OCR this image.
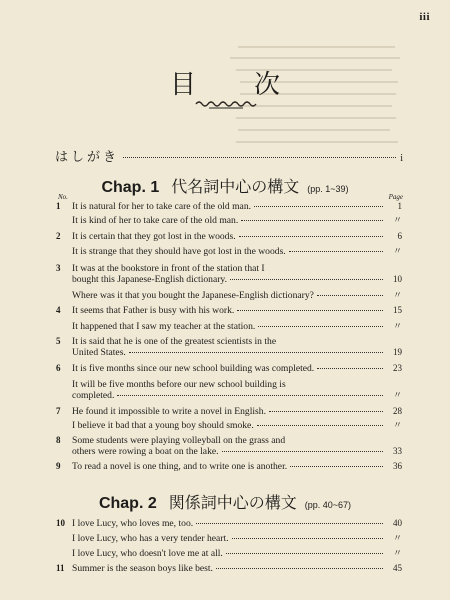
iii
目　次
はしがき	i
Chap. 1 代名詞中心の構文 (pp. 1~39)
No.	Page
1	It is natural for her to take care of the old man.	1
It is kind of her to take care of the old man.	〃
2	It is certain that they got lost in the woods.	6
It is strange that they should have got lost in the woods.	〃
3	It was at the bookstore in front of the station that I
bought this Japanese-English dictionary.	10
Where was it that you bought the Japanese-English dictionary?	〃
4	It seems that Father is busy with his work.	15
It happened that I saw my teacher at the station.	〃
5	It is said that he is one of the greatest scientists in the
United States.	19
6	It is five months since our new school building was completed.	23
It will be five months before our new school building is
completed.	〃
7	He found it impossible to write a novel in English.	28
I believe it bad that a young boy should smoke.	〃
8	Some students were playing volleyball on the grass and
others were rowing a boat on the lake.	33
9	To read a novel is one thing, and to write one is another.	36
Chap. 2 関係詞中心の構文 (pp. 40~67)
10 I love Lucy, who loves me, too.	40
I love Lucy, who has a very tender heart.	〃
I love Lucy, who doesn't love me at all.	〃
11 Summer is the season boys like best.	45
